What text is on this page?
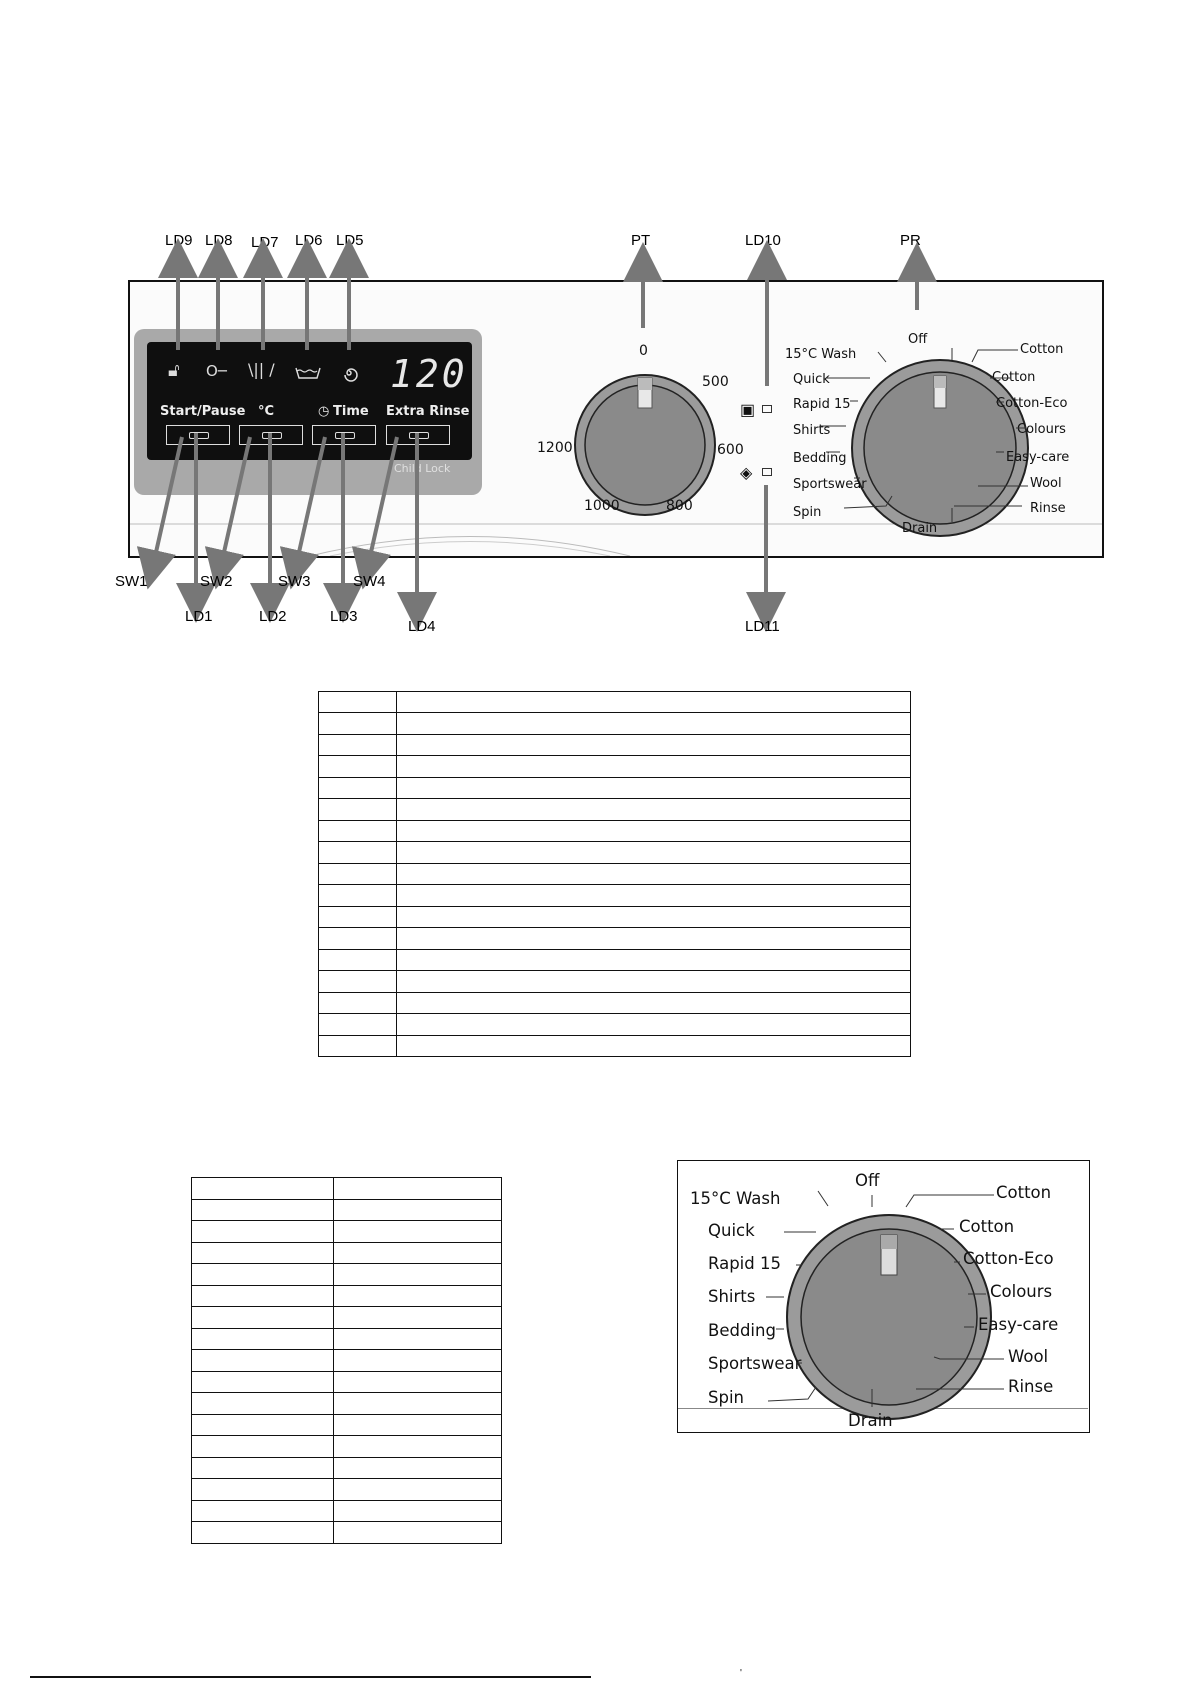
LD9 LD8 LD7 LD6 LD5	PT	LD10	PR
🔓︎ O─ \|| /	120
Start/Pause °C	◷ Time Extra Rinse
Child Lock
0
500
600
800
1000
1200
▣
◈
Off
Drain
15°C Wash
Quick
Rapid 15
Shirts
Bedding
Sportswear
Spin
Cotton
Cotton
Cotton-Eco
Colours
Easy-care
Wool
Rinse
SW1	SW2	SW3	SW4
LD1	LD2	LD3
LD4	LD11

Off
Drain
15°C Wash
Quick
Rapid 15
Shirts
Bedding
Sportswear
Spin
Cotton
Cotton
Cotton-Eco
Colours
Easy-care
Wool
Rinse
'
